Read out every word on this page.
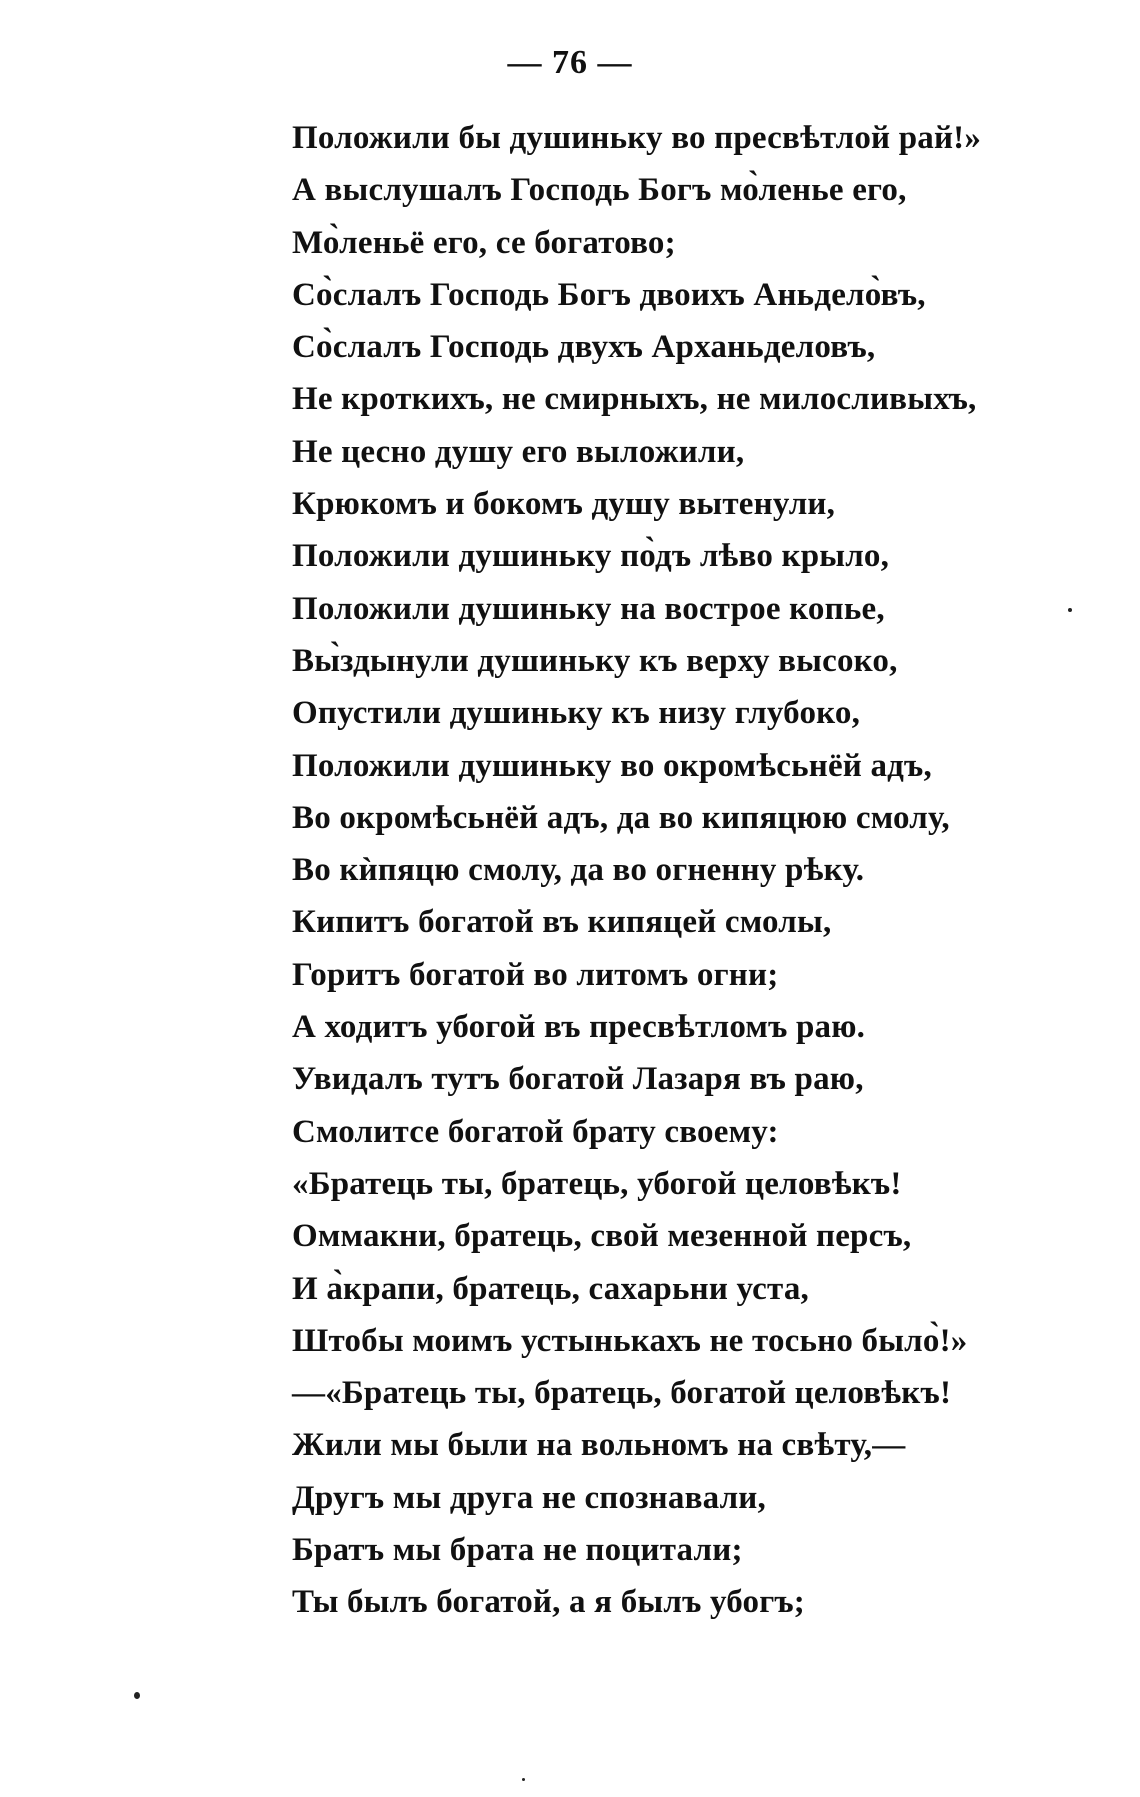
— 76 —
Положили бы душиньку во пресвѣтлой рай!»
А выслушалъ Господь Богъ мо̀ленье его,
Мо̀леньё его, се богатово;
Со̀слалъ Господь Богъ двоихъ Аньдело̀въ,
Со̀слалъ Господь двухъ Арханьделовъ,
Не кроткихъ, не смирныхъ, не милосливыхъ,
Не цесно душу его выложили,
Крюкомъ и бокомъ душу вытенули,
Положили душиньку по̀дъ лѣво крыло,
Положили душиньку на вострое копье,
Вы̀здынули душиньку къ верху высоко,
Опустили душиньку къ низу глубоко,
Положили душиньку во окромѣсьнёй адъ,
Во окромѣсьнёй адъ, да во кипяцюю смолу,
Во кѝпяцю смолу, да во огненну рѣку.
Кипитъ богатой въ кипяцей смолы,
Горитъ богатой во литомъ огни;
А ходитъ убогой въ пресвѣтломъ раю.
Увидалъ тутъ богатой Лазаря въ раю,
Смолитсе богатой брату своему:
«Братець ты, братець, убогой целовѣкъ!
Оммакни, братець, свой мезенной персъ,
И а̀крапи, братець, сахарьни уста,
Штобы моимъ устынькахъ не тосьно было̀!»
—«Братець ты, братець, богатой целовѣкъ!
Жили мы были на вольномъ на свѣту,—
Другъ мы друга не спознавали,
Братъ мы брата не поцитали;
Ты былъ богатой, а я былъ убогъ;
